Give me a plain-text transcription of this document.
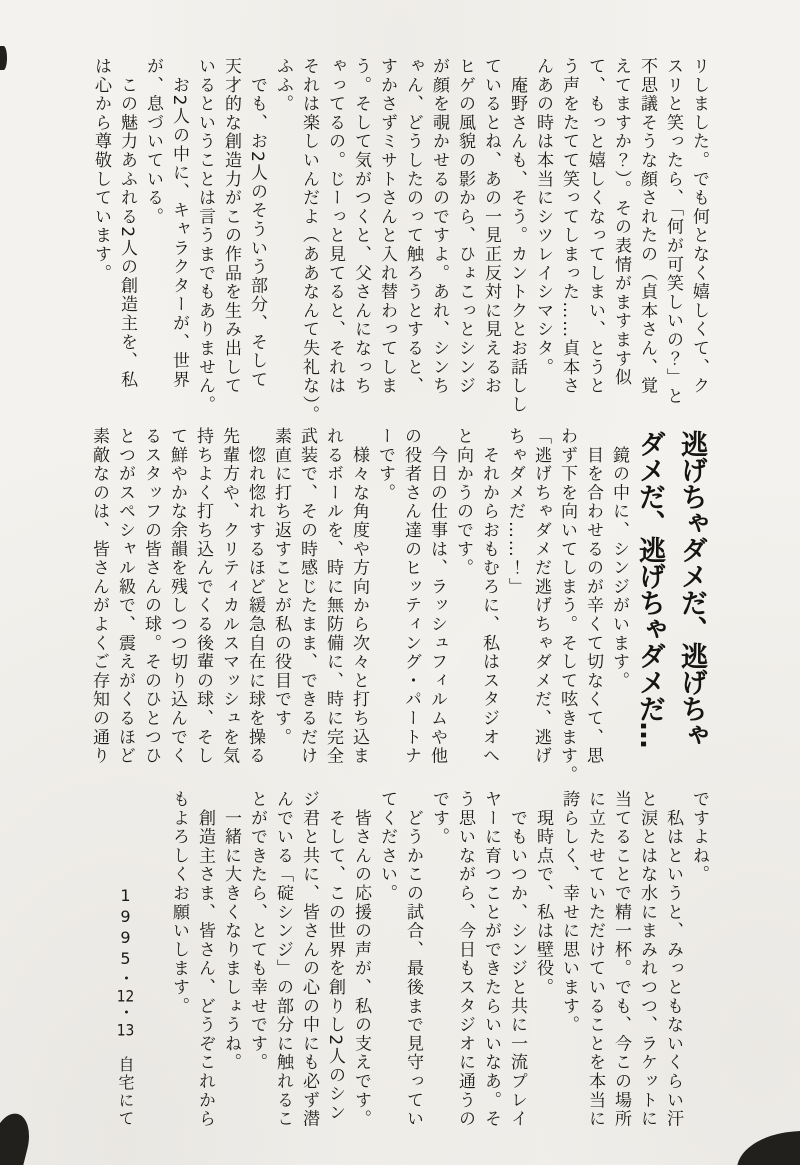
リしました。でも何となく嬉しくて、ク
スリと笑ったら、「何が可笑しいの？」と
不思議そうな顔されたの（貞本さん、覚
えてますか？）。その表情がますます似
て、もっと嬉しくなってしまい、とうと
う声をたてて笑ってしまった……貞本さ
んあの時は本当にシツレイシマシタ。
　庵野さんも、そう。カントクとお話しし
ているとね、あの一見正反対に見えるお
ヒゲの風貌の影から、ひょこっとシンジ
が顔を覗かせるのですよ。あれ、シンち
ゃん、どうしたのって触ろうとすると、
すかさずミサトさんと入れ替わってしま
う。そして気がつくと、父さんになっち
ゃってるの。じーっと見てると、それは
それは楽しいんだよ（ああなんて失礼な）。
ふふ。
　でも、お2人のそういう部分、そして
天才的な創造力がこの作品を生み出して
いるということは言うまでもありません。
　お2人の中に、キャラクターが、世界
が、息づいている。
　この魅力あふれる2人の創造主を、私
は心から尊敬しています。
逃げちゃダメだ、逃げちゃ
ダメだ、逃げちゃダメだ…
　鏡の中に、シンジがいます。
　目を合わせるのが辛くて切なくて、思
わず下を向いてしまう。そして呟きます。
「逃げちゃダメだ逃げちゃダメだ、逃げ
ちゃダメだ……！」
　それからおもむろに、私はスタジオへ
と向かうのです。
　今日の仕事は、ラッシュフィルムや他
の役者さん達のヒッティング・パートナ
ーです。
　様々な角度や方向から次々と打ち込ま
れるボールを、時に無防備に、時に完全
武装で、その時感じたまま、できるだけ
素直に打ち返すことが私の役目です。
　惚れ惚れするほど緩急自在に球を操る
先輩方や、クリティカルスマッシュを気
持ちよく打ち込んでくる後輩の球、そし
て鮮やかな余韻を残しつつ切り込んでく
るスタッフの皆さんの球。そのひとつひ
とつがスペシャル級で、震えがくるほど
素敵なのは、皆さんがよくご存知の通り
ですよね。
　私はというと、みっともないくらい汗
と涙とはな水にまみれつつ、ラケットに
当てることで精一杯。でも、今この場所
に立たせていただけていることを本当に
誇らしく、幸せに思います。
　現時点で、私は壁役。
　でもいつか、シンジと共に一流プレイ
ヤーに育つことができたらいいなあ。そ
う思いながら、今日もスタジオに通うの
です。
　どうかこの試合、最後まで見守ってい
てください。
　皆さんの応援の声が、私の支えです。
　そして、この世界を創りし2人のシン
ジ君と共に、皆さんの心の中にも必ず潜
んでいる「碇シンジ」の部分に触れるこ
とができたら、とても幸せです。
　一緒に大きくなりましょうね。
　創造主さま、皆さん、どうぞこれから
もよろしくお願いします。
1995・12・13　自宅にて
